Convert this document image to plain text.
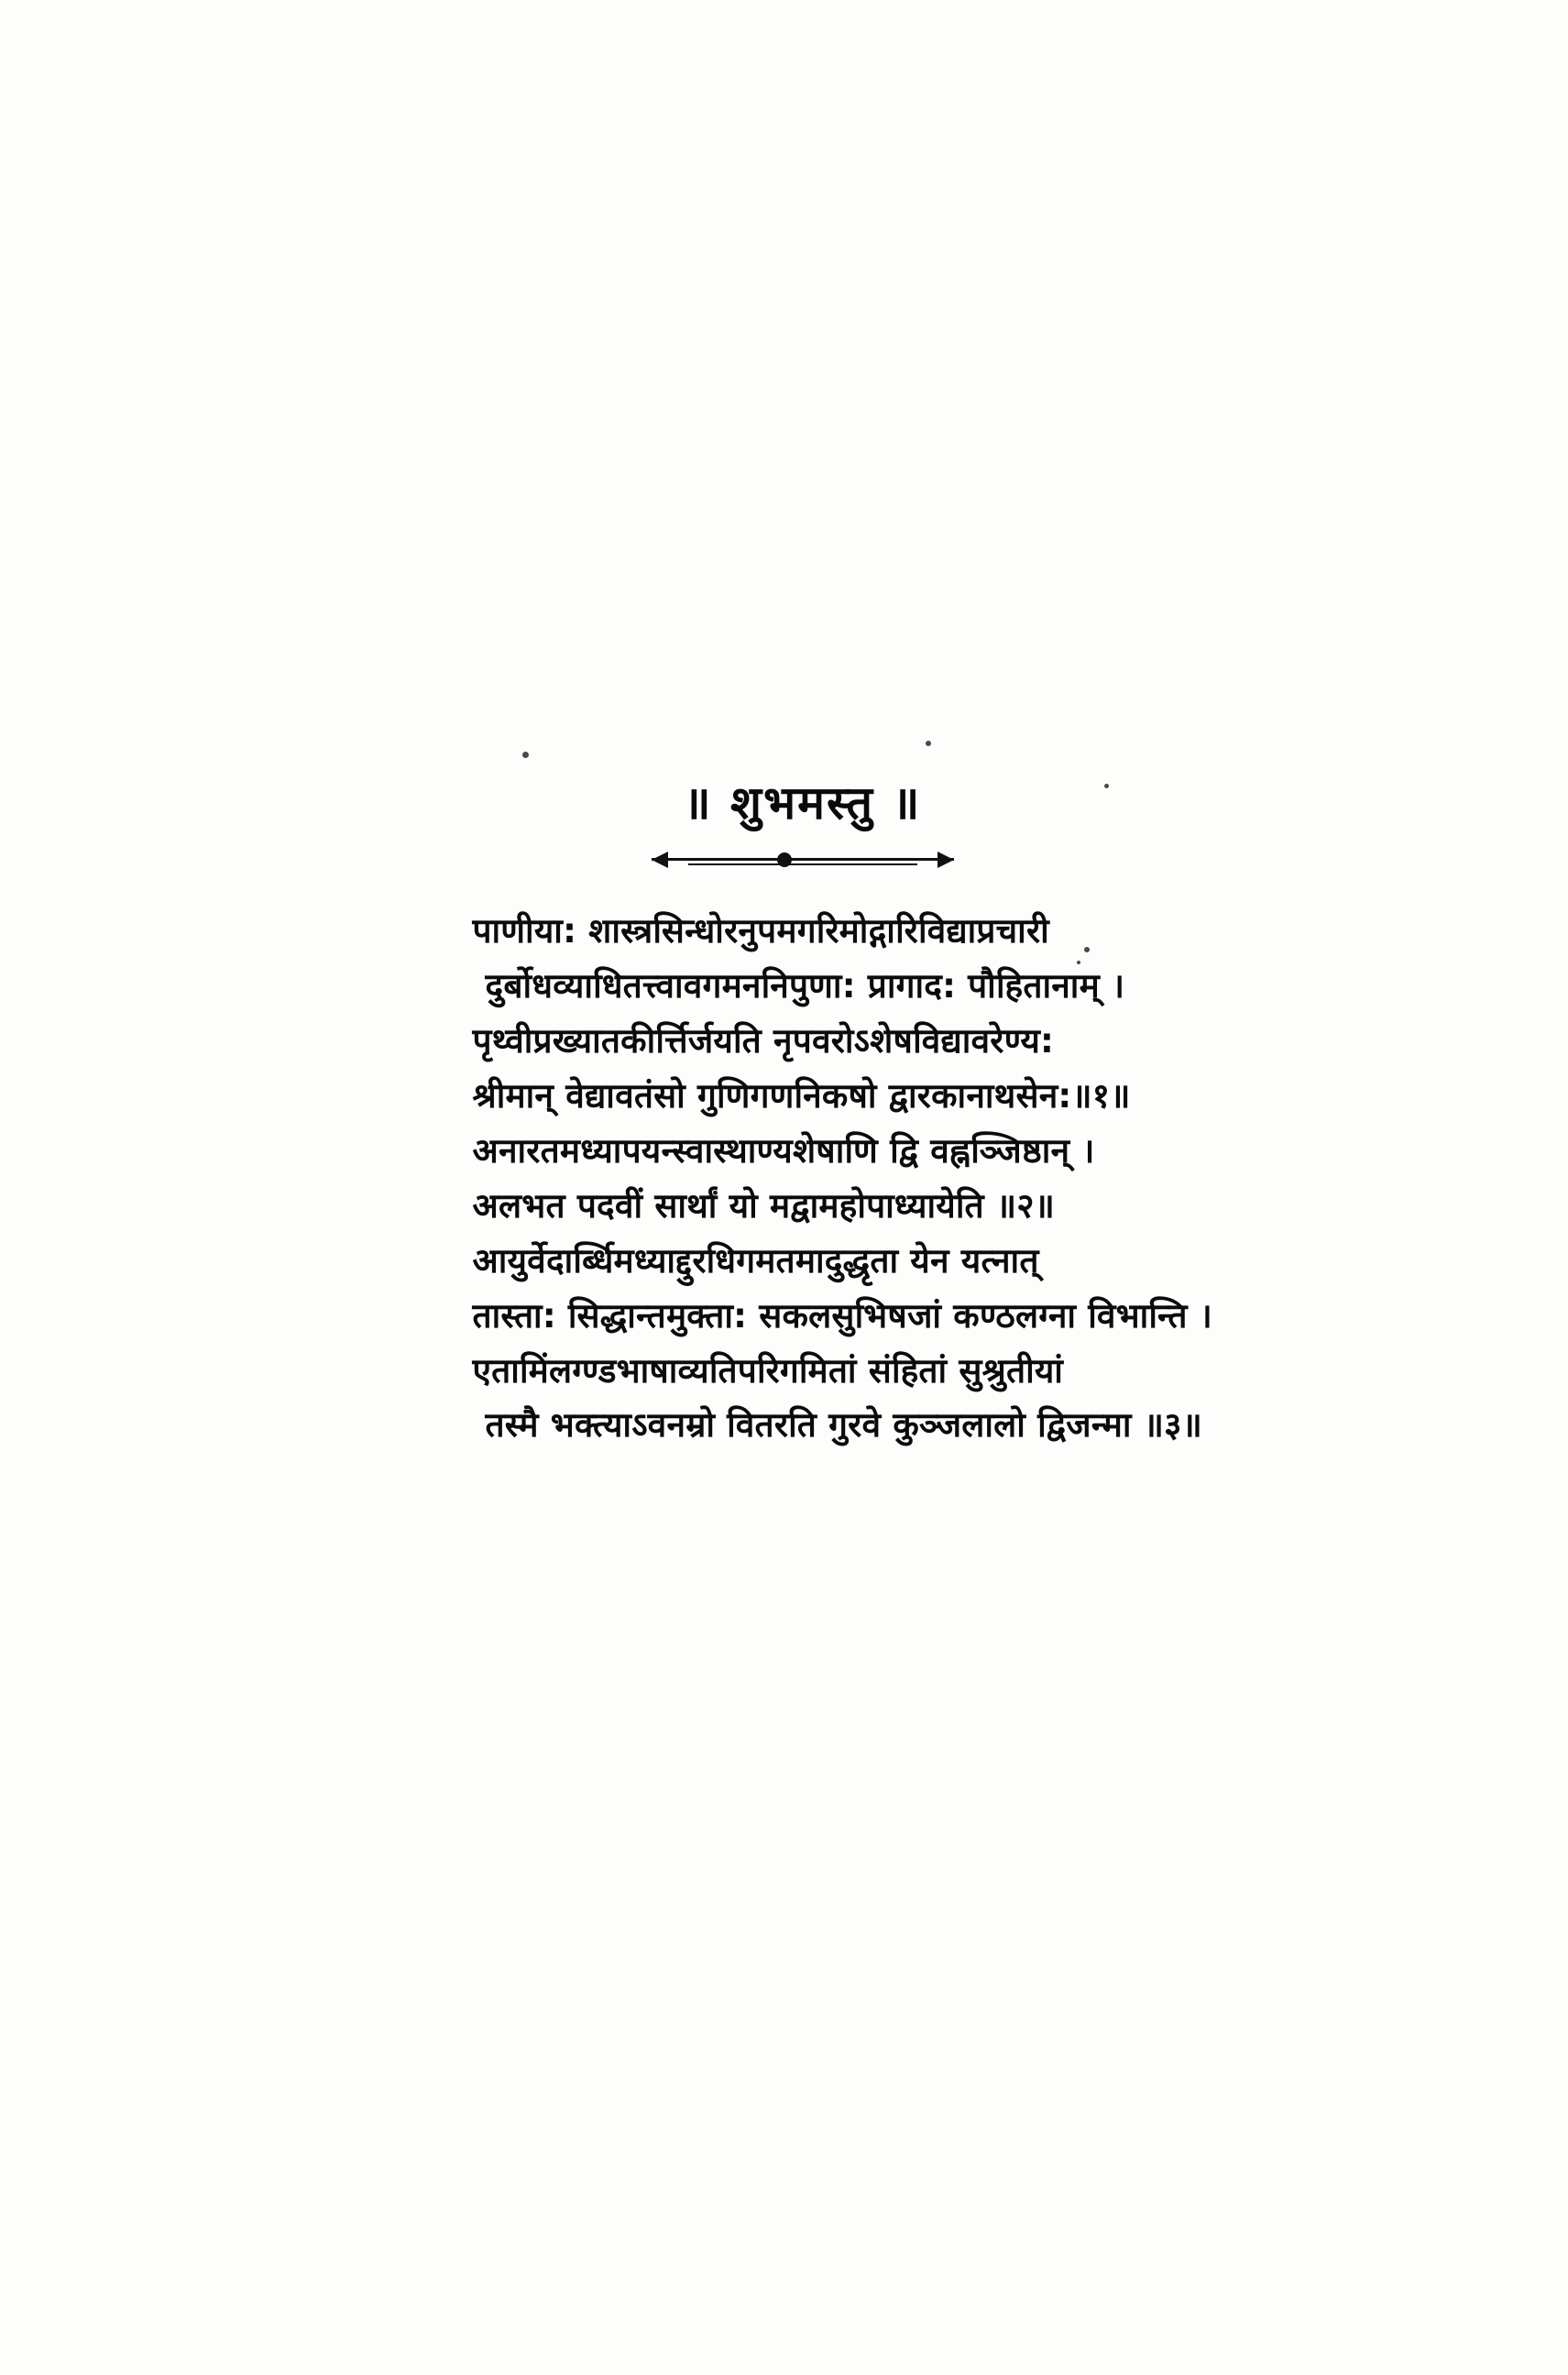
॥ शुभमस्तु ॥
पाणीया: शास्त्रसिन्धोरनुपमगरिमोद्गारिविद्याप्रचारी
दुर्बोधव्याधितत्त्वावगमननिपुणा: प्रागाद: पौहितानाम् ।
पृथ्वीप्रख्यातकीर्त्तिर्जयति नृपवरोऽशेषविद्यावरेण्य:
श्रीमान् वेद्यावतंसो गुणिगणनिकषो द्वारकानाथसेन:॥१॥
अनारतमध्यापयन्स्वास्थाण्यशेषाणि द्वि वह्नञ्जिष्ठान् ।
अलभत पदवीं सार्थां यो मद्वामहोपाध्यायेति ॥२॥
आयुर्वेदार्ब्धिमध्याद्दुरधिगमतमादुद्धृता येन यत्नात्
तास्ता: सिद्धान्तमुक्ता: सकलसुभिषजां कण्ठलग्ना विभान्ति ।
एतामिंलग्ण्डभाषाव्यतिपरिगमितां संहितां सुश्रुतीयां
तस्मै भक्त्याऽवनम्रो वितरति गुरवे कुञ्जलालो द्विजन्मा ॥३॥
